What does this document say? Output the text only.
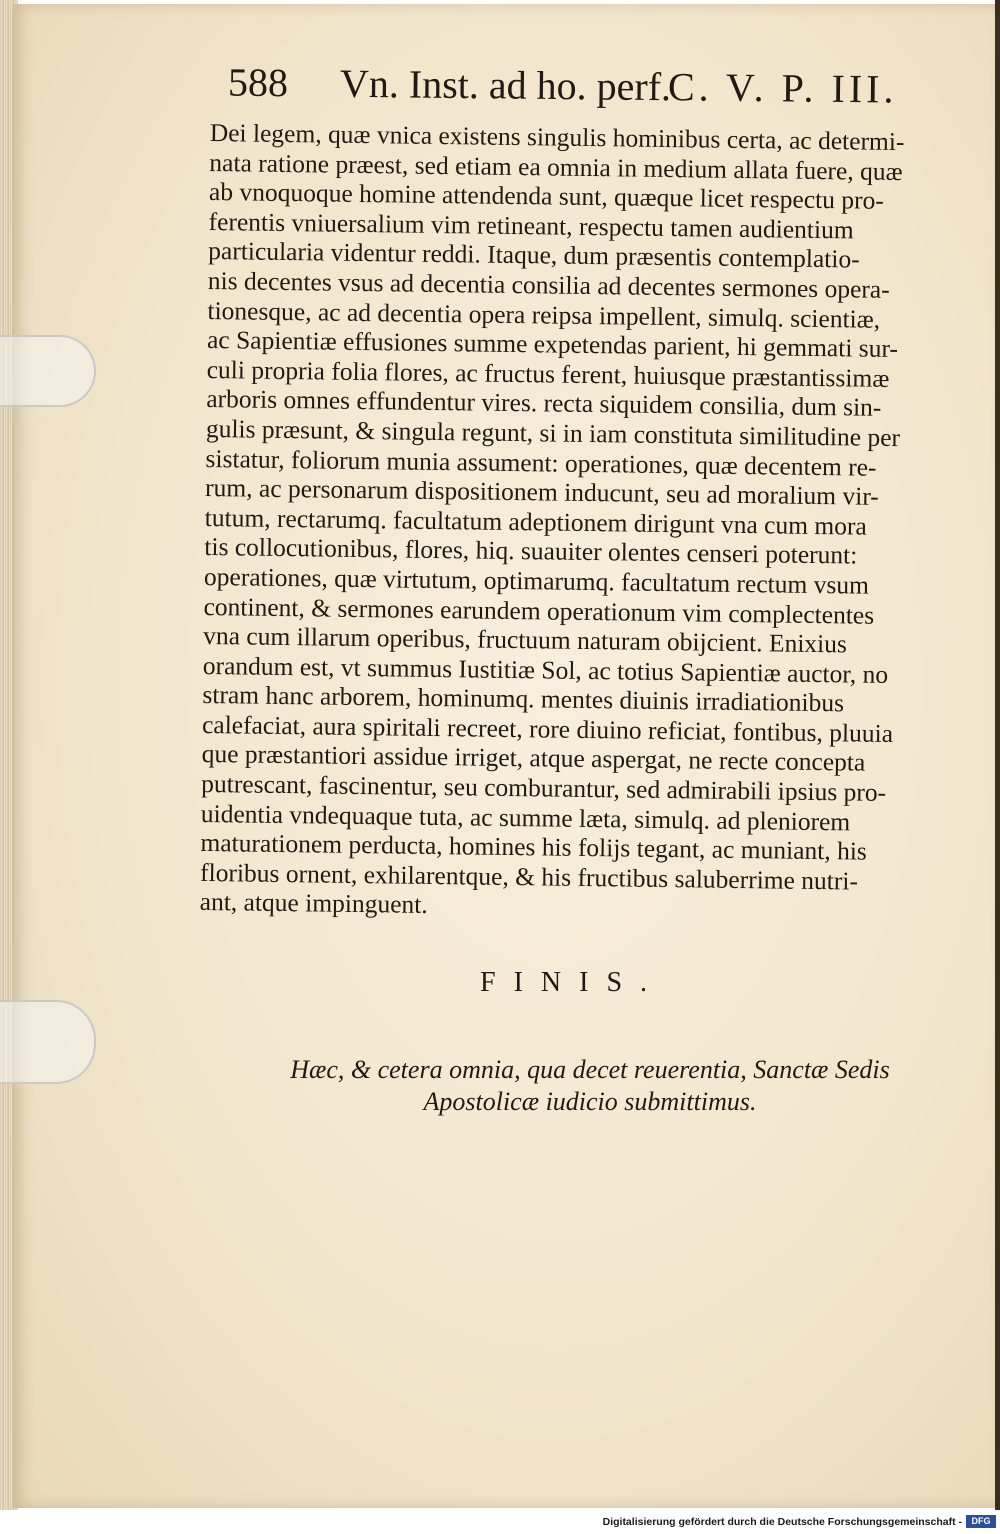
588 Vn. Inst. ad ho. perf.
C. V. P. III.
Dei legem, quæ vnica existens singulis hominibus certa, ac determi-
nata ratione præest, sed etiam ea omnia in medium allata fuere, quæ
ab vnoquoque homine attendenda sunt, quæque licet respectu pro-
ferentis vniuersalium vim retineant, respectu tamen audientium
particularia videntur reddi. Itaque, dum præsentis contemplatio-
nis decentes vsus ad decentia consilia ad decentes sermones opera-
tionesque, ac ad decentia opera reipsa impellent, simulq. scientiæ,
ac Sapientiæ effusiones summe expetendas parient, hi gemmati sur-
culi propria folia flores, ac fructus ferent, huiusque præstantissimæ
arboris omnes effundentur vires. recta siquidem consilia, dum sin-
gulis præsunt, & singula regunt, si in iam constituta similitudine per
sistatur, foliorum munia assument: operationes, quæ decentem re-
rum, ac personarum dispositionem inducunt, seu ad moralium vir-
tutum, rectarumq. facultatum adeptionem dirigunt vna cum mora
tis collocutionibus, flores, hiq. suauiter olentes censeri poterunt:
operationes, quæ virtutum, optimarumq. facultatum rectum vsum
continent, & sermones earundem operationum vim complectentes
vna cum illarum operibus, fructuum naturam obijcient. Enixius
orandum est, vt summus Iustitiæ Sol, ac totius Sapientiæ auctor, no
stram hanc arborem, hominumq. mentes diuinis irradiationibus
calefaciat, aura spiritali recreet, rore diuino reficiat, fontibus, pluuia
que præstantiori assidue irriget, atque aspergat, ne recte concepta
putrescant, fascinentur, seu comburantur, sed admirabili ipsius pro-
uidentia vndequaque tuta, ac summe læta, simulq. ad pleniorem
maturationem perducta, homines his folijs tegant, ac muniant, his
floribus ornent, exhilarentque, & his fructibus saluberrime nutri-
ant, atque impinguent.
FINIS.
Hæc, & cetera omnia, qua decet reuerentia, Sanctæ Sedis
Apostolicæ iudicio submittimus.
Digitalisierung gefördert durch die Deutsche Forschungsgemeinschaft -	DFG
